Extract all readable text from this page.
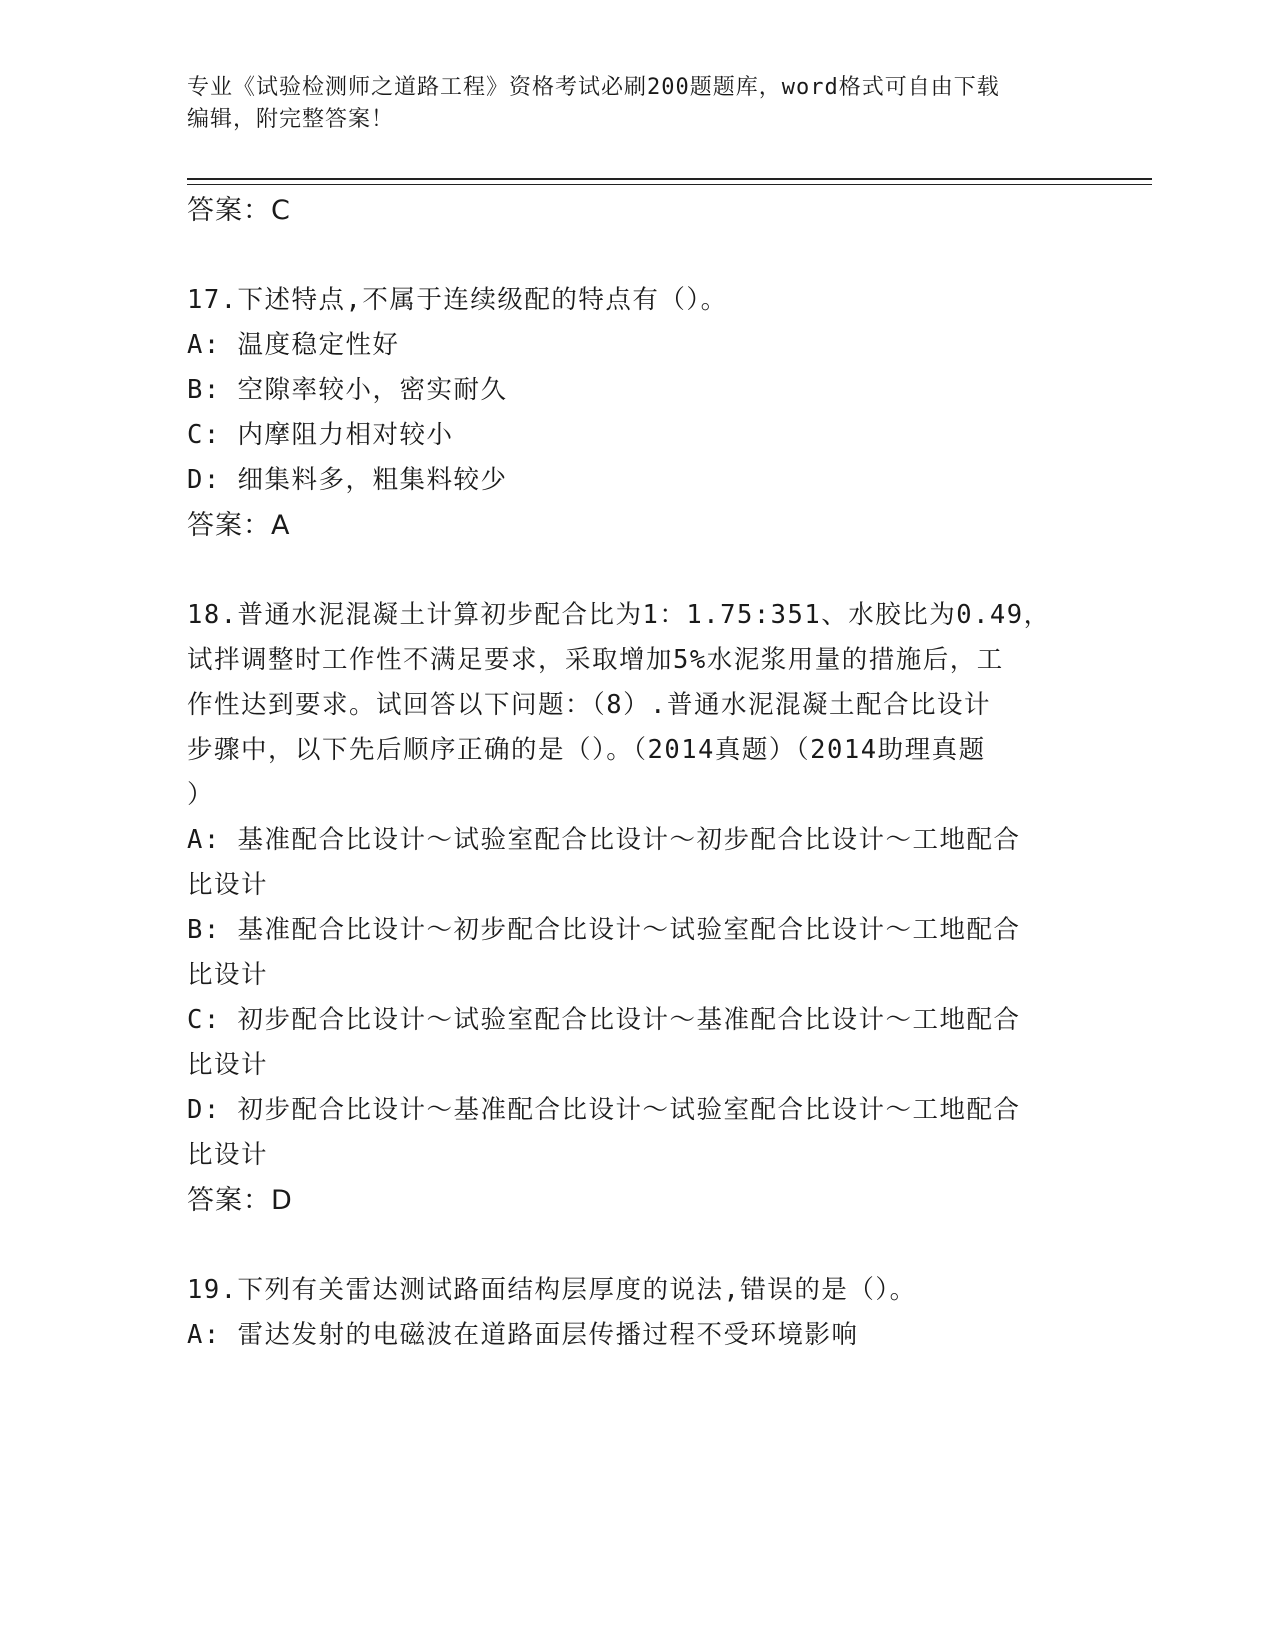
专业《试验检测师之道路工程》资格考试必刷200题题库，word格式可自由下载
编辑，附完整答案！

答案：C

17.下述特点,不属于连续级配的特点有（）。

A: 温度稳定性好

B: 空隙率较小，密实耐久

C: 内摩阻力相对较小

D: 细集料多，粗集料较少

答案：A

18.普通水泥混凝土计算初步配合比为1：1.75:351、水胶比为0.49，

试拌调整时工作性不满足要求，采取增加5%水泥浆用量的措施后，工

作性达到要求。试回答以下问题：（8）.普通水泥混凝土配合比设计

步骤中，以下先后顺序正确的是（）。（2014真题）（2014助理真题

）

A: 基准配合比设计～试验室配合比设计～初步配合比设计～工地配合

比设计

B: 基准配合比设计～初步配合比设计～试验室配合比设计～工地配合

比设计

C: 初步配合比设计～试验室配合比设计～基准配合比设计～工地配合

比设计

D: 初步配合比设计～基准配合比设计～试验室配合比设计～工地配合

比设计

答案：D

19.下列有关雷达测试路面结构层厚度的说法,错误的是（）。

A: 雷达发射的电磁波在道路面层传播过程不受环境影响
